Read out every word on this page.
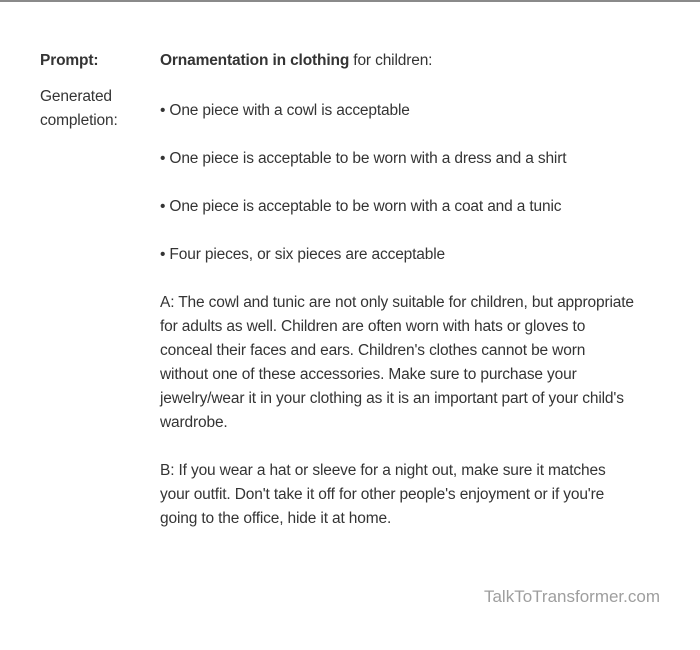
Prompt:	Ornamentation in clothing for children:
Generated
completion:
• One piece with a cowl is acceptable
• One piece is acceptable to be worn with a dress and a shirt
• One piece is acceptable to be worn with a coat and a tunic
• Four pieces, or six pieces are acceptable
A: The cowl and tunic are not only suitable for children, but appropriate
for adults as well. Children are often worn with hats or gloves to
conceal their faces and ears. Children's clothes cannot be worn
without one of these accessories. Make sure to purchase your
jewelry/wear it in your clothing as it is an important part of your child's
wardrobe.
B: If you wear a hat or sleeve for a night out, make sure it matches
your outfit. Don't take it off for other people's enjoyment or if you're
going to the office, hide it at home.
TalkToTransformer.com
